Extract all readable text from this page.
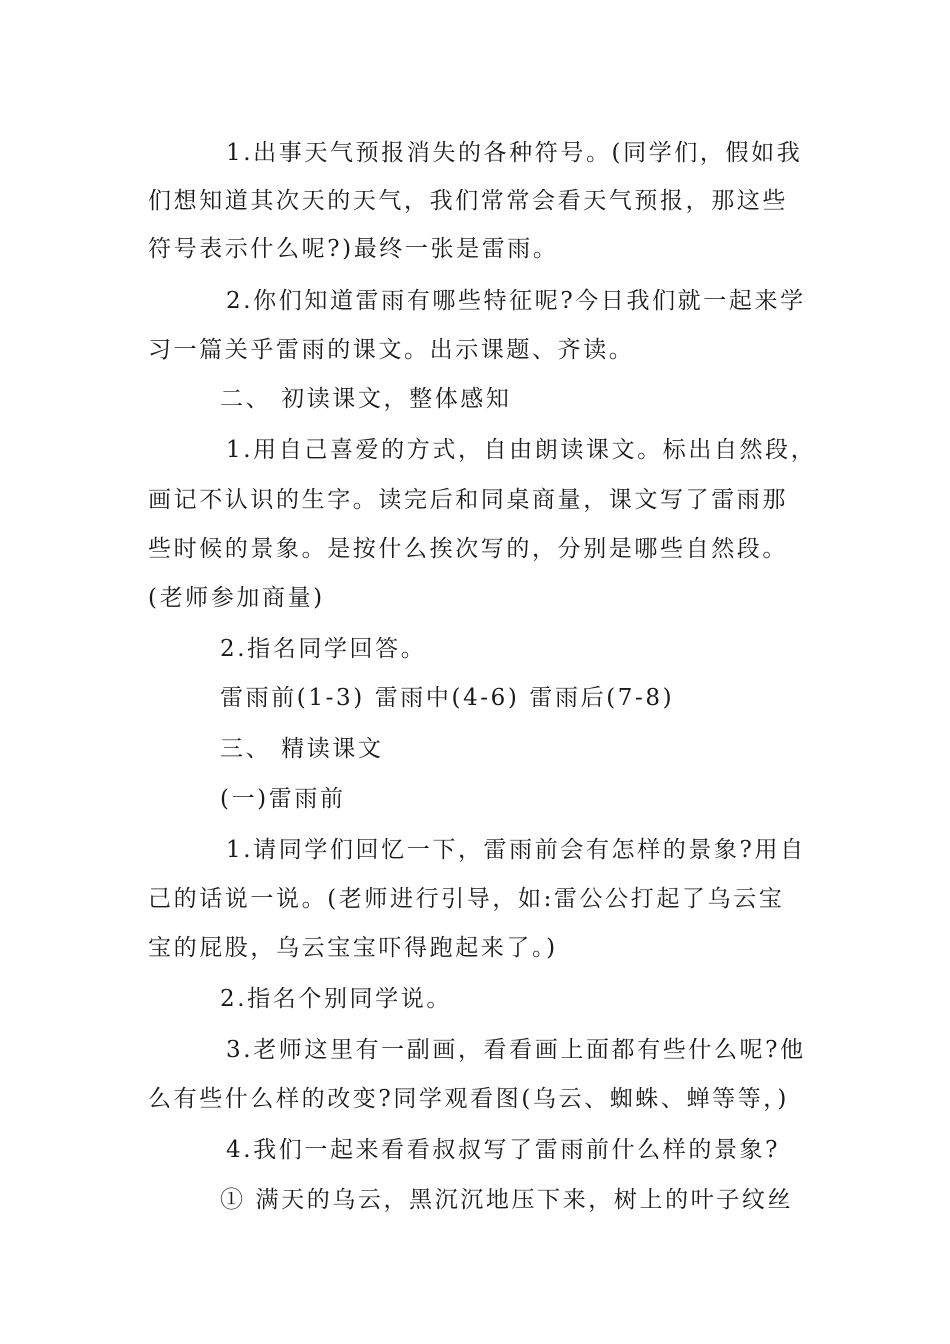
1.出事天气预报消失的各种符号。(同学们，假如我
们想知道其次天的天气，我们常常会看天气预报，那这些
符号表示什么呢?)最终一张是雷雨。
2.你们知道雷雨有哪些特征呢?今日我们就一起来学
习一篇关乎雷雨的课文。出示课题、齐读。
二、 初读课文，整体感知
1.用自己喜爱的方式，自由朗读课文。标出自然段，
画记不认识的生字。读完后和同桌商量，课文写了雷雨那
些时候的景象。是按什么挨次写的，分别是哪些自然段。
(老师参加商量)
2.指名同学回答。
雷雨前(1-3) 雷雨中(4-6) 雷雨后(7-8)
三、 精读课文
(一)雷雨前
1.请同学们回忆一下，雷雨前会有怎样的景象?用自
己的话说一说。(老师进行引导，如:雷公公打起了乌云宝
宝的屁股，乌云宝宝吓得跑起来了。)
2.指名个别同学说。
3.老师这里有一副画，看看画上面都有些什么呢?他
么有些什么样的改变?同学观看图(乌云、蜘蛛、蝉等等，)
4.我们一起来看看叔叔写了雷雨前什么样的景象?
① 满天的乌云，黑沉沉地压下来，树上的叶子纹丝
